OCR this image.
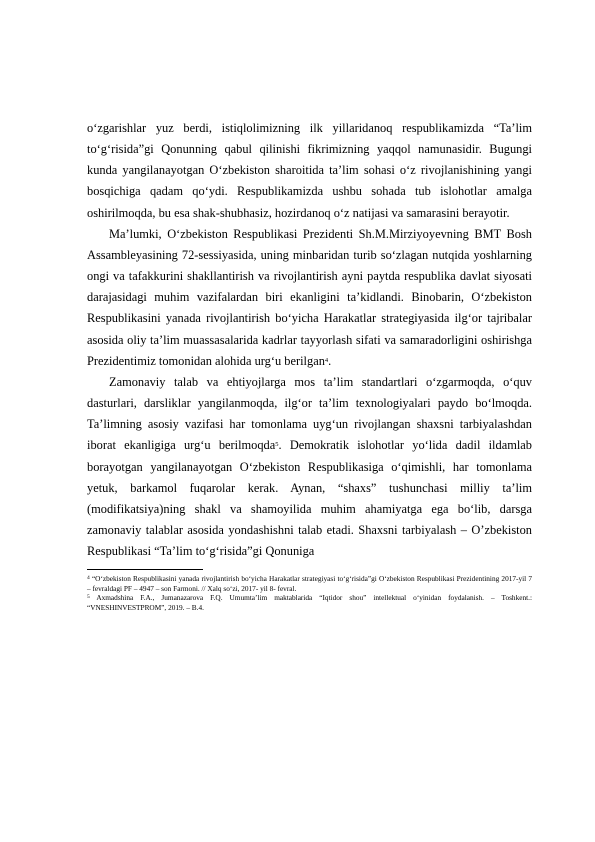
o‘zgarishlar yuz berdi, istiqlolimizning ilk yillaridanoq respublikamizda “Ta’lim to‘g‘risida”gi Qonunning qabul qilinishi fikrimizning yaqqol namunasidir. Bugungi kunda yangilanayotgan O‘zbekiston sharoitida ta’lim sohasi o‘z rivojlanishining yangi bosqichiga qadam qo‘ydi. Respublikamizda ushbu sohada tub islohotlar amalga oshirilmoqda, bu esa shak-shubhasiz, hozirdanoq o‘z natijasi va samarasini berayotir.

Ma’lumki, O‘zbekiston Respublikasi Prezidenti Sh.M.Mirziyoyevning BMT Bosh Assambleyasining 72-sessiyasida, uning minbaridan turib so‘zlagan nutqida yoshlarning ongi va tafakkurini shakllantirish va rivojlantirish ayni paytda respublika davlat siyosati darajasidagi muhim vazifalardan biri ekanligini ta’kidlandi. Binobarin, O‘zbekiston Respublikasini yanada rivojlantirish bo‘yicha Harakatlar strategiyasida ilg‘or tajribalar asosida oliy ta’lim muassasalarida kadrlar tayyorlash sifati va samaradorligini oshirishga Prezidentimiz tomonidan alohida urg‘u berilgan$^4$.

Zamonaviy talab va ehtiyojlarga mos ta’lim standartlari o‘zgarmoqda, o‘quv dasturlari, darsliklar yangilanmoqda, ilg‘or ta’lim texnologiyalari paydo bo‘lmoqda. Ta’limning asosiy vazifasi har tomonlama uyg‘un rivojlangan shaxsni tarbiyalashdan iborat ekanligiga urg‘u berilmoqda$^5$. Demokratik islohotlar yo‘lida dadil ildamlab borayotgan yangilanayotgan O‘zbekiston Respublikasiga o‘qimishli, har tomonlama yetuk, barkamol fuqarolar kerak. Aynan, “shaxs” tushunchasi milliy ta’lim (modifikatsiya)ning shakl va shamoyilida muhim ahamiyatga ega bo‘lib, darsga zamonaviy talablar asosida yondashishni talab etadi. Shaxsni tarbiyalash – O’zbekiston Respublikasi “Ta’lim to‘g‘risida”gi Qonuniga

$^4$ “O‘zbekiston Respublikasini yanada rivojlantirish bo‘yicha Harakatlar strategiyasi to‘g‘risida”gi O‘zbekiston Respublikasi Prezidentining 2017-yil 7 – fevraldagi PF – 4947 – son Farmoni. // Xalq so‘zi, 2017- yil 8- fevral.

$^5$ Axmadshina F.A., Jumanazarova F.Q. Umumta’lim maktablarida “Iqtidor shou” intellektual o‘yinidan foydalanish. – Toshkent.: “VNESHINVESTPROM”, 2019. – B.4.
